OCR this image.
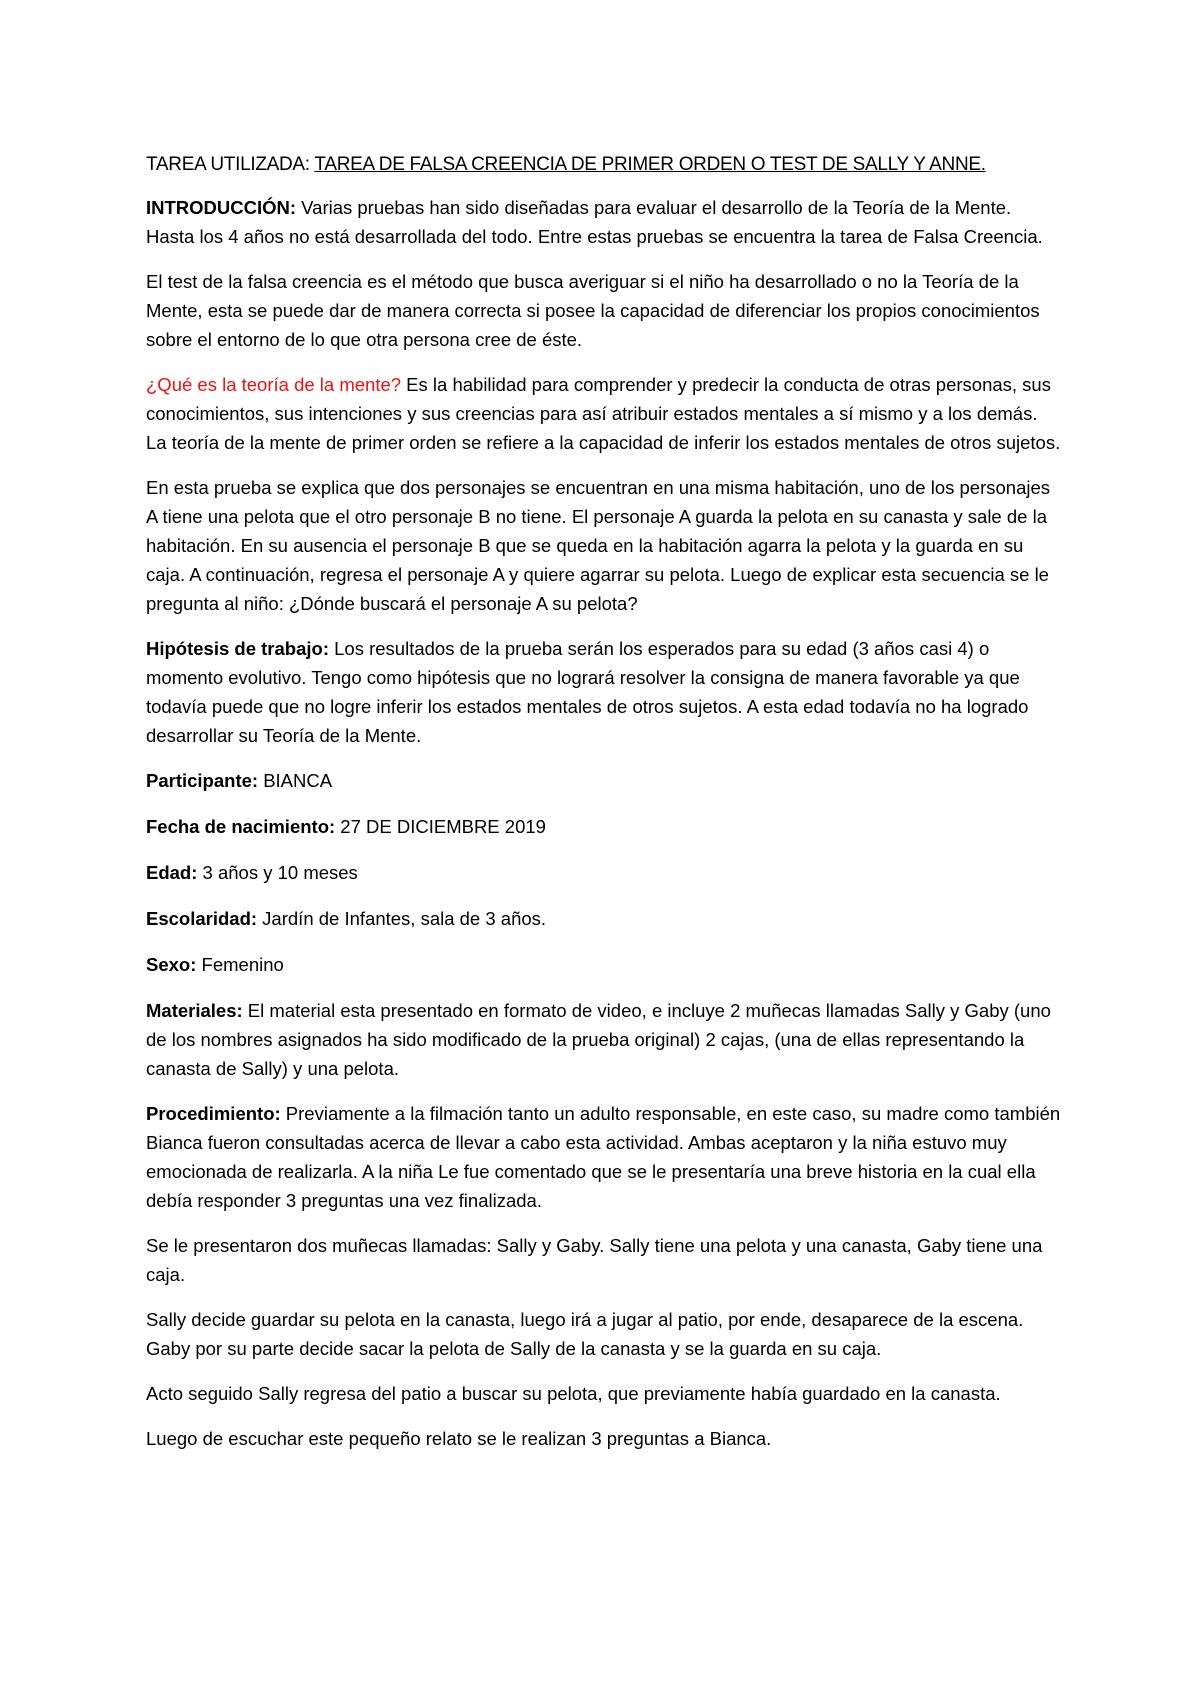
TAREA UTILIZADA: TAREA DE FALSA CREENCIA DE PRIMER ORDEN O TEST DE SALLY Y ANNE.

INTRODUCCIÓN: Varias pruebas han sido diseñadas para evaluar el desarrollo de la Teoría de la Mente. Hasta los 4 años no está desarrollada del todo. Entre estas pruebas se encuentra la tarea de Falsa Creencia.

El test de la falsa creencia es el método que busca averiguar si el niño ha desarrollado o no la Teoría de la Mente, esta se puede dar de manera correcta si posee la capacidad de diferenciar los propios conocimientos sobre el entorno de lo que otra persona cree de éste.

¿Qué es la teoría de la mente? Es la habilidad para comprender y predecir la conducta de otras personas, sus conocimientos, sus intenciones y sus creencias para así atribuir estados mentales a sí mismo y a los demás. La teoría de la mente de primer orden se refiere a la capacidad de inferir los estados mentales de otros sujetos.

En esta prueba se explica que dos personajes se encuentran en una misma habitación, uno de los personajes A tiene una pelota que el otro personaje B no tiene. El personaje A guarda la pelota en su canasta y sale de la habitación. En su ausencia el personaje B que se queda en la habitación agarra la pelota y la guarda en su caja. A continuación, regresa el personaje A y quiere agarrar su pelota. Luego de explicar esta secuencia se le pregunta al niño: ¿Dónde buscará el personaje A su pelota?

Hipótesis de trabajo: Los resultados de la prueba serán los esperados para su edad (3 años casi 4) o momento evolutivo. Tengo como hipótesis que no logrará resolver la consigna de manera favorable ya que todavía puede que no logre inferir los estados mentales de otros sujetos. A esta edad todavía no ha logrado desarrollar su Teoría de la Mente.

Participante: BIANCA

Fecha de nacimiento: 27 DE DICIEMBRE 2019

Edad: 3 años y 10 meses

Escolaridad: Jardín de Infantes, sala de 3 años.

Sexo: Femenino

Materiales: El material esta presentado en formato de video, e incluye 2 muñecas llamadas Sally y Gaby (uno de los nombres asignados ha sido modificado de la prueba original) 2 cajas, (una de ellas representando la canasta de Sally) y una pelota.

Procedimiento: Previamente a la filmación tanto un adulto responsable, en este caso, su madre como también Bianca fueron consultadas acerca de llevar a cabo esta actividad. Ambas aceptaron y la niña estuvo muy emocionada de realizarla. A la niña Le fue comentado que se le presentaría una breve historia en la cual ella debía responder 3 preguntas una vez finalizada.

Se le presentaron dos muñecas llamadas: Sally y Gaby. Sally tiene una pelota y una canasta, Gaby tiene una caja.

Sally decide guardar su pelota en la canasta, luego irá a jugar al patio, por ende, desaparece de la escena. Gaby por su parte decide sacar la pelota de Sally de la canasta y se la guarda en su caja.

Acto seguido Sally regresa del patio a buscar su pelota, que previamente había guardado en la canasta.

Luego de escuchar este pequeño relato se le realizan 3 preguntas a Bianca.
